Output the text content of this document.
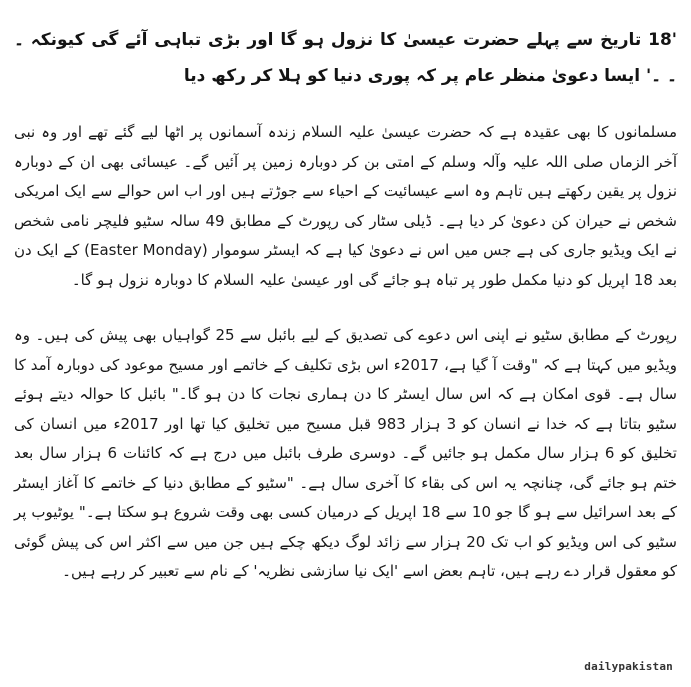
'18 تاریخ سے پہلے حضرت عیسیٰ کا نزول ہو گا اور بڑی تباہی آئے گی کیونکہ ۔ ۔ ۔' ایسا دعویٰ منظر عام پر کہ پوری دنیا کو ہلا کر رکھ دیا
مسلمانوں کا بھی عقیدہ ہے کہ حضرت عیسیٰ علیہ السلام زندہ آسمانوں پر اٹھا لیے گئے تھے اور وہ نبی آخر الزماں صلی اللہ علیہ وآلہ وسلم کے امتی بن کر دوبارہ زمین پر آئیں گے۔ عیسائی بھی ان کے دوبارہ نزول پر یقین رکھتے ہیں تاہم وہ اسے عیسائیت کے احیاء سے جوڑتے ہیں اور اب اس حوالے سے ایک امریکی شخص نے حیران کن دعویٰ کر دیا ہے۔ ڈیلی سٹار کی رپورٹ کے مطابق 49 سالہ سٹیو فلیچر نامی شخص نے ایک ویڈیو جاری کی ہے جس میں اس نے دعویٰ کیا ہے کہ ایسٹر سوموار (Easter Monday) کے ایک دن بعد 18 اپریل کو دنیا مکمل طور پر تباہ ہو جائے گی اور عیسیٰ علیہ السلام کا دوبارہ نزول ہو گا۔
رپورٹ کے مطابق سٹیو نے اپنی اس دعوے کی تصدیق کے لیے بائبل سے 25 گواہیاں بھی پیش کی ہیں۔ وہ ویڈیو میں کہتا ہے کہ "وقت آ گیا ہے، 2017ء اس بڑی تکلیف کے خاتمے اور مسیح موعود کی دوبارہ آمد کا سال ہے۔ قوی امکان ہے کہ اس سال ایسٹر کا دن ہماری نجات کا دن ہو گا۔" بائبل کا حوالہ دیتے ہوئے سٹیو بتاتا ہے کہ خدا نے انسان کو 3 ہزار 983 قبل مسیح میں تخلیق کیا تھا اور 2017ء میں انسان کی تخلیق کو 6 ہزار سال مکمل ہو جائیں گے۔ دوسری طرف بائبل میں درج ہے کہ کائنات 6 ہزار سال بعد ختم ہو جائے گی، چنانچہ یہ اس کی بقاء کا آخری سال ہے۔ "سٹیو کے مطابق دنیا کے خاتمے کا آغاز ایسٹر کے بعد اسرائیل سے ہو گا جو 10 سے 18 اپریل کے درمیان کسی بھی وقت شروع ہو سکتا ہے۔" یوٹیوب پر سٹیو کی اس ویڈیو کو اب تک 20 ہزار سے زائد لوگ دیکھ چکے ہیں جن میں سے اکثر اس کی پیش گوئی کو معقول قرار دے رہے ہیں، تاہم بعض اسے 'ایک نیا سازشی نظریہ' کے نام سے تعبیر کر رہے ہیں۔
dailypakistan
